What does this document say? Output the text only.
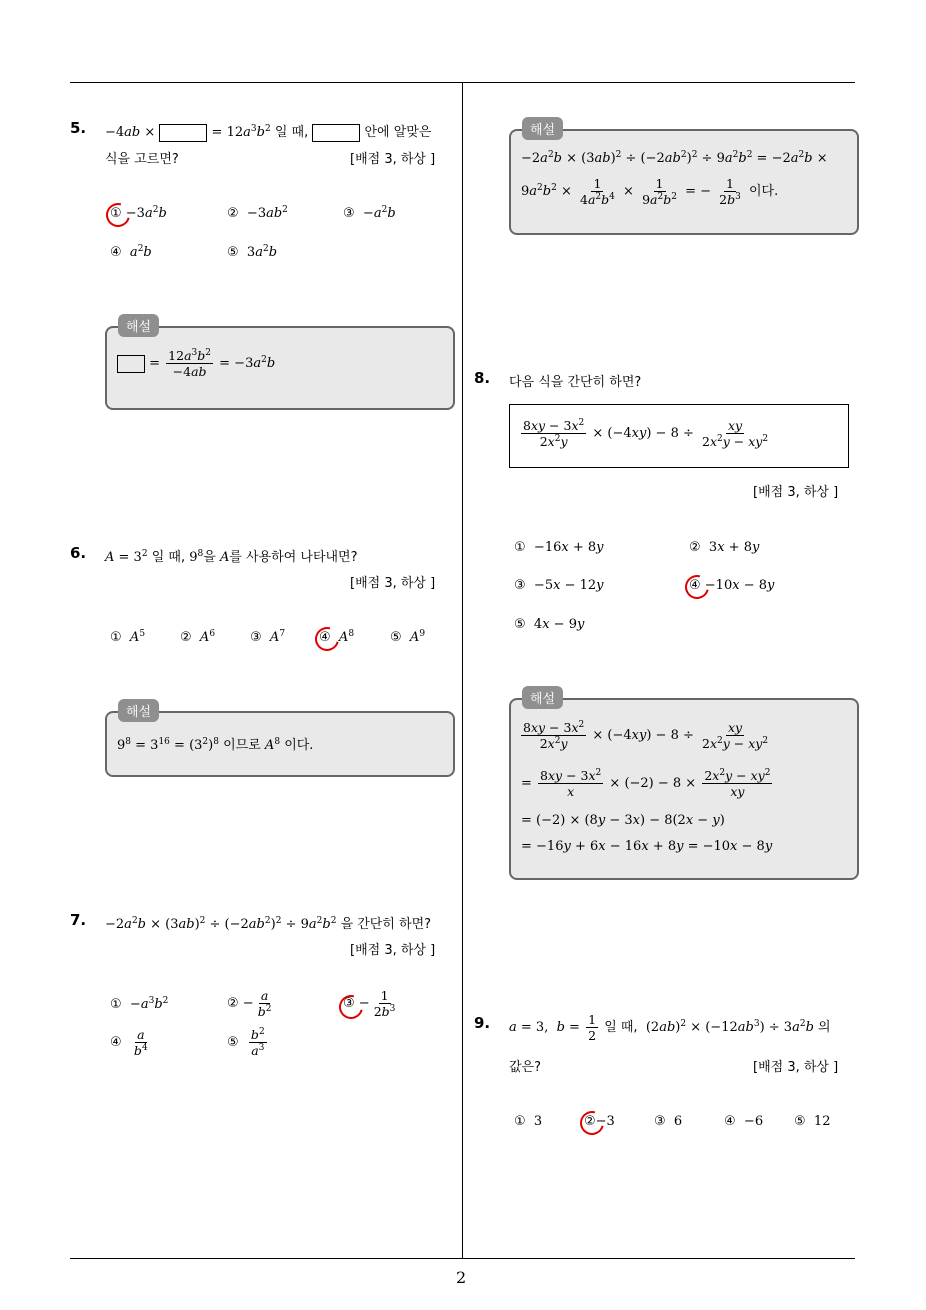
2
5. −4ab ×	= $12a^3b^2$ 일 때,	안에 알맞은
식을 고르면?	[배점 3, 하상 ]
① $-3a^2b$	②  $-3ab^2$	③  $-a^2b$
④ $a^2b$	⑤  $3a^2b$
해설
= $\frac{12a^3b^2}{-4ab} = -3a^2b$
6. $A = 3^2$ 일 때, $9^8$을 A를 사용하여 나타내면?
[배점 3, 하상 ]
① $A^5$	② $A^6$	③ $A^7$	④ $A^8$	⑤ $A^9$
해설
$9^8 = 3^{16} = (3^2)^8$ 이므로 $A^8$ 이다.
7. $-2a^2b \times (3ab)^2 \div (-2ab^2)^2 \div 9a^2b^2$ 을 간단히 하면?
[배점 3, 하상 ]
①  $-a^3b^2$	② − $\frac{a}{b^2}$	③ − $\frac{1}{2b^3}$
④ $\frac{a}{b^4}$	⑤ $\frac{b^2}{a^3}$
해설
$-2a^2b \times (3ab)^2 \div (-2ab^2)^2 \div 9a^2b^2 = -2a^2b$ ×
$9a^2b^2 \times \frac{1}{4a^2b^4} \times \frac{1}{9a^2b^2}$ = − $\frac{1}{2b^3}$ 이다.
8. 다음 식을 간단히 하면?
$\frac{8xy - 3x^2}{2x^2y} \times (-4xy) - 8 \div \frac{xy}{2x^2y - xy^2}$
[배점 3, 하상 ]
①  −16x + 8y	②  3x + 8y
③  −5x − 12y	④ −10x − 8y
⑤  4x − 9y
해설
$\frac{8xy - 3x^2}{2x^2y} \times (-4xy) - 8 \div \frac{xy}{2x^2y - xy^2}$
= $\frac{8xy - 3x^2}{x} \times (-2) - 8 \times \frac{2x^2y - xy^2}{xy}$
= (−2) × (8y − 3x) − 8(2x − y)
= −16y + 6x − 16x + 8y = −10x − 8y
9. a = 3,  $b = \frac{1}{2}$ 일 때,  $(2ab)^2 \times (-12ab^3) \div 3a^2b$ 의
값은?	[배점 3, 하상 ]
① 3	②−3	③ 6	④ −6 ⑤ 12
